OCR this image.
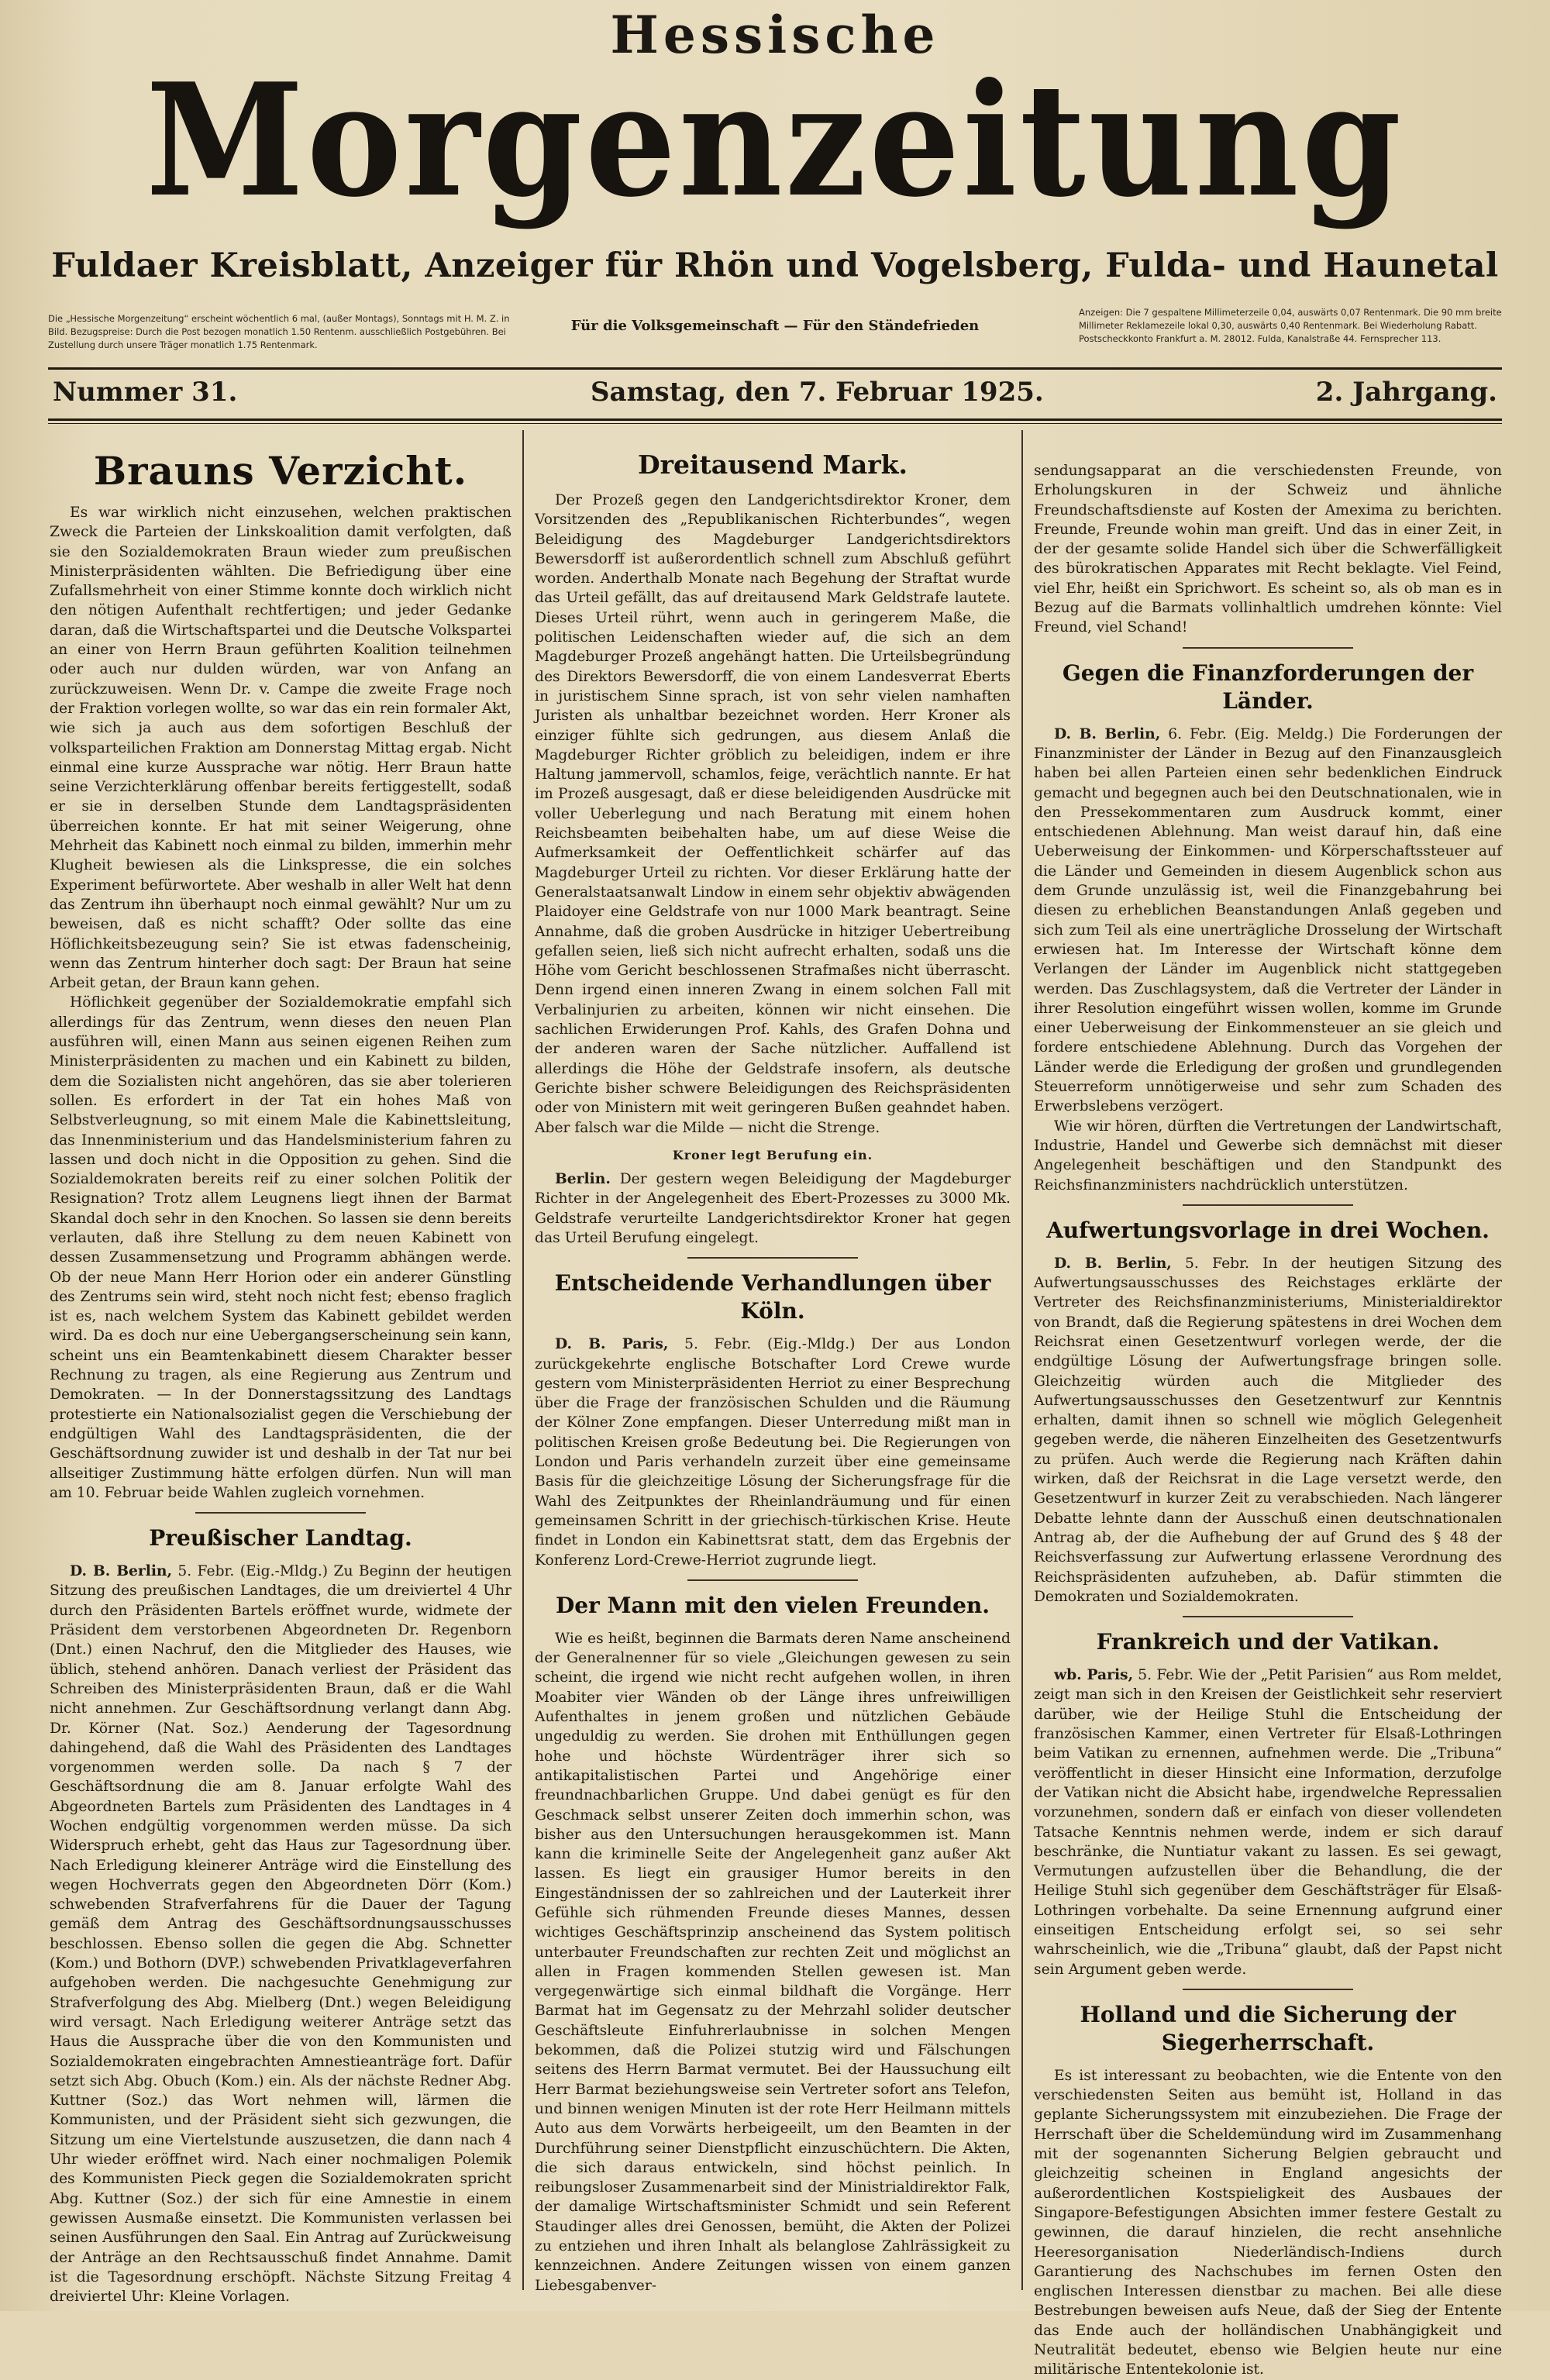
Hessische
Morgenzeitung
Fuldaer Kreisblatt, Anzeiger für Rhön und Vogelsberg, Fulda- und Haunetal
Die „Hessische Morgenzeitung“ erscheint wöchentlich 6 mal, (außer Montags), Sonntags mit H. M. Z. in Bild. Bezugspreise: Durch die Post bezogen monatlich 1.50 Rentenm. ausschließlich Postgebühren. Bei Zustellung durch unsere Träger monatlich 1.75 Rentenmark.
Für die Volksgemeinschaft — Für den Ständefrieden
Anzeigen: Die 7 gespaltene Millimeterzeile 0,04, auswärts 0,07 Rentenmark. Die 90 mm breite Millimeter Reklamezeile lokal 0,30, auswärts 0,40 Rentenmark. Bei Wiederholung Rabatt. Postscheckkonto Frankfurt a. M. 28012. Fulda, Kanalstraße 44. Fernsprecher 113.
Nummer 31.	Samstag, den 7. Februar 1925.	2. Jahrgang.
Brauns Verzicht.

Es war wirklich nicht einzusehen, welchen praktischen Zweck die Parteien der Linkskoalition damit verfolgten, daß sie den Sozialdemokraten Braun wieder zum preußischen Ministerpräsidenten wählten. Die Befriedigung über eine Zufallsmehrheit von einer Stimme konnte doch wirklich nicht den nötigen Aufenthalt rechtfertigen; und jeder Gedanke daran, daß die Wirtschaftspartei und die Deutsche Volkspartei an einer von Herrn Braun geführten Koalition teilnehmen oder auch nur dulden würden, war von Anfang an zurückzuweisen. Wenn Dr. v. Campe die zweite Frage noch der Fraktion vorlegen wollte, so war das ein rein formaler Akt, wie sich ja auch aus dem sofortigen Beschluß der volksparteilichen Fraktion am Donnerstag Mittag ergab. Nicht einmal eine kurze Aussprache war nötig. Herr Braun hatte seine Verzichterklärung offenbar bereits fertiggestellt, sodaß er sie in derselben Stunde dem Landtagspräsidenten überreichen konnte. Er hat mit seiner Weigerung, ohne Mehrheit das Kabinett noch einmal zu bilden, immerhin mehr Klugheit bewiesen als die Linkspresse, die ein solches Experiment befürwortete. Aber weshalb in aller Welt hat denn das Zentrum ihn überhaupt noch einmal gewählt? Nur um zu beweisen, daß es nicht schafft? Oder sollte das eine Höflichkeitsbezeugung sein? Sie ist etwas fadenscheinig, wenn das Zentrum hinterher doch sagt: Der Braun hat seine Arbeit getan, der Braun kann gehen.

Höflichkeit gegenüber der Sozialdemokratie empfahl sich allerdings für das Zentrum, wenn dieses den neuen Plan ausführen will, einen Mann aus seinen eigenen Reihen zum Ministerpräsidenten zu machen und ein Kabinett zu bilden, dem die Sozialisten nicht angehören, das sie aber tolerieren sollen. Es erfordert in der Tat ein hohes Maß von Selbstverleugnung, so mit einem Male die Kabinettsleitung, das Innenministerium und das Handelsministerium fahren zu lassen und doch nicht in die Opposition zu gehen. Sind die Sozialdemokraten bereits reif zu einer solchen Politik der Resignation? Trotz allem Leugnens liegt ihnen der Barmat Skandal doch sehr in den Knochen. So lassen sie denn bereits verlauten, daß ihre Stellung zu dem neuen Kabinett von dessen Zusammensetzung und Programm abhängen werde. Ob der neue Mann Herr Horion oder ein anderer Günstling des Zentrums sein wird, steht noch nicht fest; ebenso fraglich ist es, nach welchem System das Kabinett gebildet werden wird. Da es doch nur eine Uebergangserscheinung sein kann, scheint uns ein Beamtenkabinett diesem Charakter besser Rechnung zu tragen, als eine Regierung aus Zentrum und Demokraten. — In der Donnerstagssitzung des Landtags protestierte ein Nationalsozialist gegen die Verschiebung der endgültigen Wahl des Landtagspräsidenten, die der Geschäftsordnung zuwider ist und deshalb in der Tat nur bei allseitiger Zustimmung hätte erfolgen dürfen. Nun will man am 10. Februar beide Wahlen zugleich vornehmen.

Preußischer Landtag.

D. B. Berlin, 5. Febr. (Eig.-Mldg.) Zu Beginn der heutigen Sitzung des preußischen Landtages, die um dreiviertel 4 Uhr durch den Präsidenten Bartels eröffnet wurde, widmete der Präsident dem verstorbenen Abgeordneten Dr. Regenborn (Dnt.) einen Nachruf, den die Mitglieder des Hauses, wie üblich, stehend anhören. Danach verliest der Präsident das Schreiben des Ministerpräsidenten Braun, daß er die Wahl nicht annehmen. Zur Geschäftsordnung verlangt dann Abg. Dr. Körner (Nat. Soz.) Aenderung der Tagesordnung dahingehend, daß die Wahl des Präsidenten des Landtages vorgenommen werden solle. Da nach § 7 der Geschäftsordnung die am 8. Januar erfolgte Wahl des Abgeordneten Bartels zum Präsidenten des Landtages in 4 Wochen endgültig vorgenommen werden müsse. Da sich Widerspruch erhebt, geht das Haus zur Tagesordnung über. Nach Erledigung kleinerer Anträge wird die Einstellung des wegen Hochverrats gegen den Abgeordneten Dörr (Kom.) schwebenden Strafverfahrens für die Dauer der Tagung gemäß dem Antrag des Geschäftsordnungsausschusses beschlossen. Ebenso sollen die gegen die Abg. Schnetter (Kom.) und Bothorn (DVP.) schwebenden Privatklageverfahren aufgehoben werden. Die nachgesuchte Genehmigung zur Strafverfolgung des Abg. Mielberg (Dnt.) wegen Beleidigung wird versagt. Nach Erledigung weiterer Anträge setzt das Haus die Aussprache über die von den Kommunisten und Sozialdemokraten eingebrachten Amnestieanträge fort. Dafür setzt sich Abg. Obuch (Kom.) ein. Als der nächste Redner Abg. Kuttner (Soz.) das Wort nehmen will, lärmen die Kommunisten, und der Präsident sieht sich gezwungen, die Sitzung um eine Viertelstunde auszusetzen, die dann nach 4 Uhr wieder eröffnet wird. Nach einer nochmaligen Polemik des Kommunisten Pieck gegen die Sozialdemokraten spricht Abg. Kuttner (Soz.) der sich für eine Amnestie in einem gewissen Ausmaße einsetzt. Die Kommunisten verlassen bei seinen Ausführungen den Saal. Ein Antrag auf Zurückweisung der Anträge an den Rechtsausschuß findet Annahme. Damit ist die Tagesordnung erschöpft. Nächste Sitzung Freitag 4 dreiviertel Uhr: Kleine Vorlagen.

Dreitausend Mark.

Der Prozeß gegen den Landgerichtsdirektor Kroner, dem Vorsitzenden des „Republikanischen Richterbundes“, wegen Beleidigung des Magdeburger Landgerichtsdirektors Bewersdorff ist außerordentlich schnell zum Abschluß geführt worden. Anderthalb Monate nach Begehung der Straftat wurde das Urteil gefällt, das auf dreitausend Mark Geldstrafe lautete. Dieses Urteil rührt, wenn auch in geringerem Maße, die politischen Leidenschaften wieder auf, die sich an dem Magdeburger Prozeß angehängt hatten. Die Urteilsbegründung des Direktors Bewersdorff, die von einem Landesverrat Eberts in juristischem Sinne sprach, ist von sehr vielen namhaften Juristen als unhaltbar bezeichnet worden. Herr Kroner als einziger fühlte sich gedrungen, aus diesem Anlaß die Magdeburger Richter gröblich zu beleidigen, indem er ihre Haltung jammervoll, schamlos, feige, verächtlich nannte. Er hat im Prozeß ausgesagt, daß er diese beleidigenden Ausdrücke mit voller Ueberlegung und nach Beratung mit einem hohen Reichsbeamten beibehalten habe, um auf diese Weise die Aufmerksamkeit der Oeffentlichkeit schärfer auf das Magdeburger Urteil zu richten. Vor dieser Erklärung hatte der Generalstaatsanwalt Lindow in einem sehr objektiv abwägenden Plaidoyer eine Geldstrafe von nur 1000 Mark beantragt. Seine Annahme, daß die groben Ausdrücke in hitziger Uebertreibung gefallen seien, ließ sich nicht aufrecht erhalten, sodaß uns die Höhe vom Gericht beschlossenen Strafmaßes nicht überrascht. Denn irgend einen inneren Zwang in einem solchen Fall mit Verbalinjurien zu arbeiten, können wir nicht einsehen. Die sachlichen Erwiderungen Prof. Kahls, des Grafen Dohna und der anderen waren der Sache nützlicher. Auffallend ist allerdings die Höhe der Geldstrafe insofern, als deutsche Gerichte bisher schwere Beleidigungen des Reichspräsidenten oder von Ministern mit weit geringeren Bußen geahndet haben. Aber falsch war die Milde — nicht die Strenge.

Kroner legt Berufung ein.

Berlin. Der gestern wegen Beleidigung der Magdeburger Richter in der Angelegenheit des Ebert-Prozesses zu 3000 Mk. Geldstrafe verurteilte Landgerichtsdirektor Kroner hat gegen das Urteil Berufung eingelegt.

Entscheidende Verhandlungen über Köln.

D. B. Paris, 5. Febr. (Eig.-Mldg.) Der aus London zurückgekehrte englische Botschafter Lord Crewe wurde gestern vom Ministerpräsidenten Herriot zu einer Besprechung über die Frage der französischen Schulden und die Räumung der Kölner Zone empfangen. Dieser Unterredung mißt man in politischen Kreisen große Bedeutung bei. Die Regierungen von London und Paris verhandeln zurzeit über eine gemeinsame Basis für die gleichzeitige Lösung der Sicherungsfrage für die Wahl des Zeitpunktes der Rheinlandräumung und für einen gemeinsamen Schritt in der griechisch-türkischen Krise. Heute findet in London ein Kabinettsrat statt, dem das Ergebnis der Konferenz Lord-Crewe-Herriot zugrunde liegt.

Der Mann mit den vielen Freunden.

Wie es heißt, beginnen die Barmats deren Name anscheinend der Generalnenner für so viele „Gleichungen gewesen zu sein scheint, die irgend wie nicht recht aufgehen wollen, in ihren Moabiter vier Wänden ob der Länge ihres unfreiwilligen Aufenthaltes in jenem großen und nützlichen Gebäude ungeduldig zu werden. Sie drohen mit Enthüllungen gegen hohe und höchste Würdenträger ihrer sich so antikapitalistischen Partei und Angehörige einer freundnachbarlichen Gruppe. Und dabei genügt es für den Geschmack selbst unserer Zeiten doch immerhin schon, was bisher aus den Untersuchungen herausgekommen ist. Mann kann die kriminelle Seite der Angelegenheit ganz außer Akt lassen. Es liegt ein grausiger Humor bereits in den Eingeständnissen der so zahlreichen und der Lauterkeit ihrer Gefühle sich rühmenden Freunde dieses Mannes, dessen wichtiges Geschäftsprinzip anscheinend das System politisch unterbauter Freundschaften zur rechten Zeit und möglichst an allen in Fragen kommenden Stellen gewesen ist. Man vergegenwärtige sich einmal bildhaft die Vorgänge. Herr Barmat hat im Gegensatz zu der Mehrzahl solider deutscher Geschäftsleute Einfuhrerlaubnisse in solchen Mengen bekommen, daß die Polizei stutzig wird und Fälschungen seitens des Herrn Barmat vermutet. Bei der Haussuchung eilt Herr Barmat beziehungsweise sein Vertreter sofort ans Telefon, und binnen wenigen Minuten ist der rote Herr Heilmann mittels Auto aus dem Vorwärts herbeigeeilt, um den Beamten in der Durchführung seiner Dienstpflicht einzuschüchtern. Die Akten, die sich daraus entwickeln, sind höchst peinlich. In reibungsloser Zusammenarbeit sind der Ministrialdirektor Falk, der damalige Wirtschaftsminister Schmidt und sein Referent Staudinger alles drei Genossen, bemüht, die Akten der Polizei zu entziehen und ihren Inhalt als belanglose Zahlrässigkeit zu kennzeichnen. Andere Zeitungen wissen von einem ganzen Liebesgabenver-

sendungsapparat an die verschiedensten Freunde, von Erholungskuren in der Schweiz und ähnliche Freundschaftsdienste auf Kosten der Amexima zu berichten. Freunde, Freunde wohin man greift. Und das in einer Zeit, in der der gesamte solide Handel sich über die Schwerfälligkeit des bürokratischen Apparates mit Recht beklagte. Viel Feind, viel Ehr, heißt ein Sprichwort. Es scheint so, als ob man es in Bezug auf die Barmats vollinhaltlich umdrehen könnte: Viel Freund, viel Schand!

Gegen die Finanzforderungen der Länder.

D. B. Berlin, 6. Febr. (Eig. Meldg.) Die Forderungen der Finanzminister der Länder in Bezug auf den Finanzausgleich haben bei allen Parteien einen sehr bedenklichen Eindruck gemacht und begegnen auch bei den Deutschnationalen, wie in den Pressekommentaren zum Ausdruck kommt, einer entschiedenen Ablehnung. Man weist darauf hin, daß eine Ueberweisung der Einkommen- und Körperschaftssteuer auf die Länder und Gemeinden in diesem Augenblick schon aus dem Grunde unzulässig ist, weil die Finanzgebahrung bei diesen zu erheblichen Beanstandungen Anlaß gegeben und sich zum Teil als eine unerträgliche Drosselung der Wirtschaft erwiesen hat. Im Interesse der Wirtschaft könne dem Verlangen der Länder im Augenblick nicht stattgegeben werden. Das Zuschlagsystem, daß die Vertreter der Länder in ihrer Resolution eingeführt wissen wollen, komme im Grunde einer Ueberweisung der Einkommensteuer an sie gleich und fordere entschiedene Ablehnung. Durch das Vorgehen der Länder werde die Erledigung der großen und grundlegenden Steuerreform unnötigerweise und sehr zum Schaden des Erwerbslebens verzögert.

Wie wir hören, dürften die Vertretungen der Landwirtschaft, Industrie, Handel und Gewerbe sich demnächst mit dieser Angelegenheit beschäftigen und den Standpunkt des Reichsfinanzministers nachdrücklich unterstützen.

Aufwertungsvorlage in drei Wochen.

D. B. Berlin, 5. Febr. In der heutigen Sitzung des Aufwertungsausschusses des Reichstages erklärte der Vertreter des Reichsfinanzministeriums, Ministerialdirektor von Brandt, daß die Regierung spätestens in drei Wochen dem Reichsrat einen Gesetzentwurf vorlegen werde, der die endgültige Lösung der Aufwertungsfrage bringen solle. Gleichzeitig würden auch die Mitglieder des Aufwertungsausschusses den Gesetzentwurf zur Kenntnis erhalten, damit ihnen so schnell wie möglich Gelegenheit gegeben werde, die näheren Einzelheiten des Gesetzentwurfs zu prüfen. Auch werde die Regierung nach Kräften dahin wirken, daß der Reichsrat in die Lage versetzt werde, den Gesetzentwurf in kurzer Zeit zu verabschieden. Nach längerer Debatte lehnte dann der Ausschuß einen deutschnationalen Antrag ab, der die Aufhebung der auf Grund des § 48 der Reichsverfassung zur Aufwertung erlassene Verordnung des Reichspräsidenten aufzuheben, ab. Dafür stimmten die Demokraten und Sozialdemokraten.

Frankreich und der Vatikan.

wb. Paris, 5. Febr. Wie der „Petit Parisien“ aus Rom meldet, zeigt man sich in den Kreisen der Geistlichkeit sehr reserviert darüber, wie der Heilige Stuhl die Entscheidung der französischen Kammer, einen Vertreter für Elsaß-Lothringen beim Vatikan zu ernennen, aufnehmen werde. Die „Tribuna“ veröffentlicht in dieser Hinsicht eine Information, derzufolge der Vatikan nicht die Absicht habe, irgendwelche Repressalien vorzunehmen, sondern daß er einfach von dieser vollendeten Tatsache Kenntnis nehmen werde, indem er sich darauf beschränke, die Nuntiatur vakant zu lassen. Es sei gewagt, Vermutungen aufzustellen über die Behandlung, die der Heilige Stuhl sich gegenüber dem Geschäftsträger für Elsaß-Lothringen vorbehalte. Da seine Ernennung aufgrund einer einseitigen Entscheidung erfolgt sei, so sei sehr wahrscheinlich, wie die „Tribuna“ glaubt, daß der Papst nicht sein Argument geben werde.

Holland und die Sicherung der Siegerherrschaft.

Es ist interessant zu beobachten, wie die Entente von den verschiedensten Seiten aus bemüht ist, Holland in das geplante Sicherungssystem mit einzubeziehen. Die Frage der Herrschaft über die Scheldemündung wird im Zusammenhang mit der sogenannten Sicherung Belgien gebraucht und gleichzeitig scheinen in England angesichts der außerordentlichen Kostspieligkeit des Ausbaues der Singapore-Befestigungen Absichten immer festere Gestalt zu gewinnen, die darauf hinzielen, die recht ansehnliche Heeresorganisation Niederländisch-Indiens durch Garantierung des Nachschubes im fernen Osten den englischen Interessen dienstbar zu machen. Bei alle diese Bestrebungen beweisen aufs Neue, daß der Sieg der Entente das Ende auch der holländischen Unabhängigkeit und Neutralität bedeutet, ebenso wie Belgien heute nur eine militärische Ententekolonie ist.
